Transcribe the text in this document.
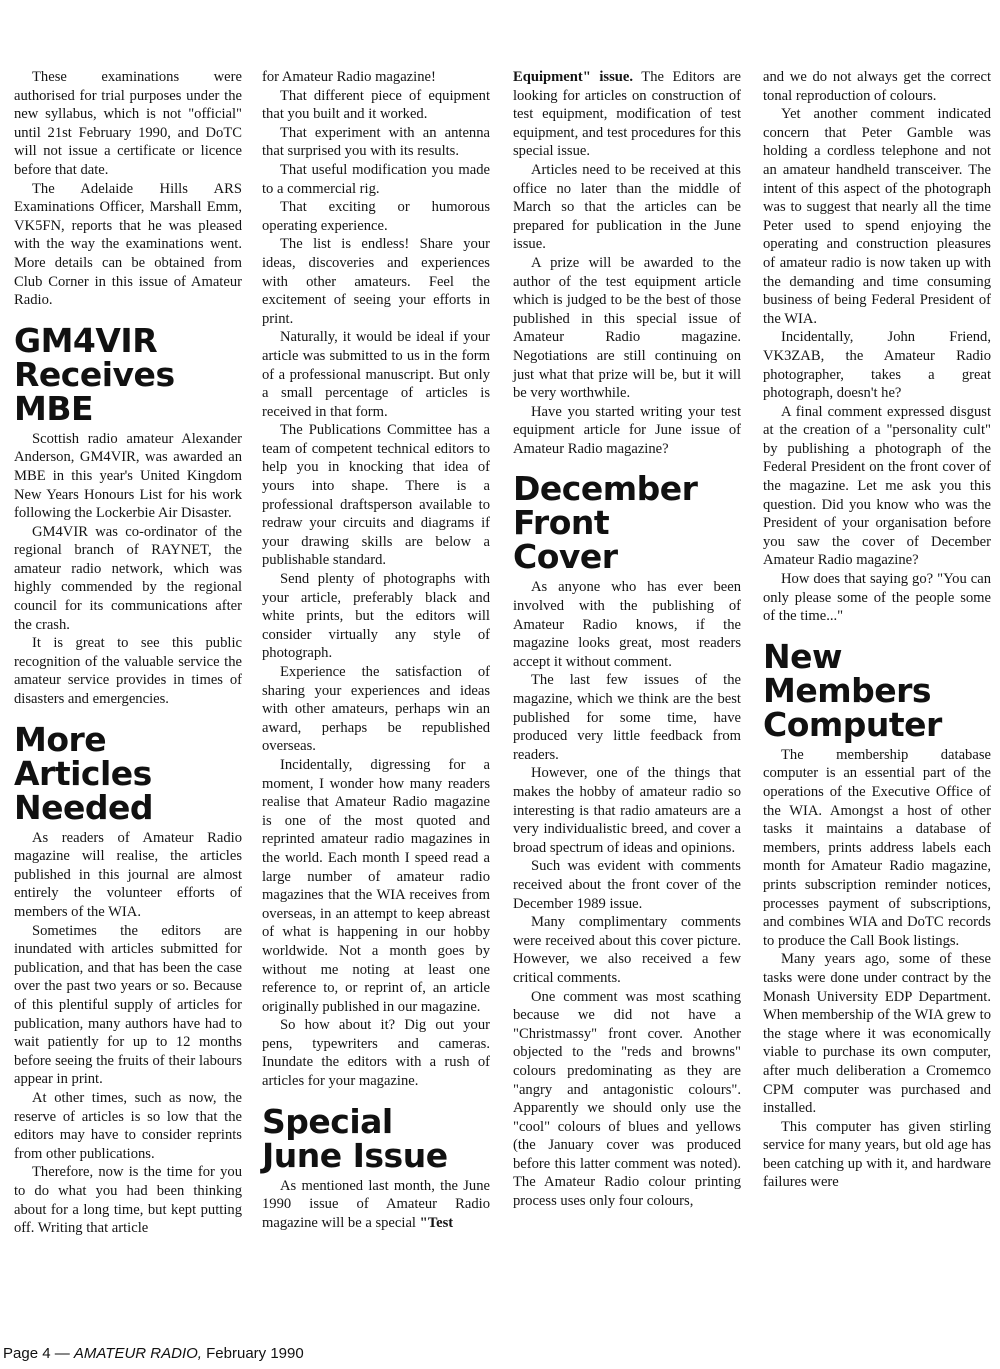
These examinations were authorised for trial purposes under the new syllabus, which is not "official" until 21st February 1990, and DoTC will not issue a certificate or licence before that date.

The Adelaide Hills ARS Examinations Officer, Marshall Emm, VK5FN, reports that he was pleased with the way the examinations went. More details can be obtained from Club Corner in this issue of Amateur Radio.

GM4VIR
Receives
MBE

Scottish radio amateur Alexander Anderson, GM4VIR, was awarded an MBE in this year's United Kingdom New Years Honours List for his work following the Lockerbie Air Disaster.

GM4VIR was co-ordinator of the regional branch of RAYNET, the amateur radio network, which was highly commended by the regional council for its communications after the crash.

It is great to see this public recognition of the valuable service the amateur service provides in times of disasters and emergencies.

More
Articles
Needed

As readers of Amateur Radio magazine will realise, the articles published in this journal are almost entirely the volunteer efforts of members of the WIA.

Sometimes the editors are inundated with articles submitted for publication, and that has been the case over the past two years or so. Because of this plentiful supply of articles for publication, many authors have had to wait patiently for up to 12 months before seeing the fruits of their labours appear in print.

At other times, such as now, the reserve of articles is so low that the editors may have to consider reprints from other publications.

Therefore, now is the time for you to do what you had been thinking about for a long time, but kept putting off. Writing that article

for Amateur Radio magazine!

That different piece of equipment that you built and it worked.

That experiment with an antenna that surprised you with its results.

That useful modification you made to a commercial rig.

That exciting or humorous operating experience.

The list is endless! Share your ideas, discoveries and experiences with other amateurs. Feel the excitement of seeing your efforts in print.

Naturally, it would be ideal if your article was submitted to us in the form of a professional manuscript. But only a small percentage of articles is received in that form.

The Publications Committee has a team of competent technical editors to help you in knocking that idea of yours into shape. There is a professional draftsperson available to redraw your circuits and diagrams if your drawing skills are below a publishable standard.

Send plenty of photographs with your article, preferably black and white prints, but the editors will consider virtually any style of photograph.

Experience the satisfaction of sharing your experiences and ideas with other amateurs, perhaps win an award, perhaps be republished overseas.

Incidentally, digressing for a moment, I wonder how many readers realise that Amateur Radio magazine is one of the most quoted and reprinted amateur radio magazines in the world. Each month I speed read a large number of amateur radio magazines that the WIA receives from overseas, in an attempt to keep abreast of what is happening in our hobby worldwide. Not a month goes by without me noting at least one reference to, or reprint of, an article originally published in our magazine.

So how about it? Dig out your pens, typewriters and cameras. Inundate the editors with a rush of articles for your magazine.

Special
June Issue

As mentioned last month, the June 1990 issue of Amateur Radio magazine will be a special "Test

Equipment" issue. The Editors are looking for articles on construction of test equipment, modification of test equipment, and test procedures for this special issue.

Articles need to be received at this office no later than the middle of March so that the articles can be prepared for publication in the June issue.

A prize will be awarded to the author of the test equipment article which is judged to be the best of those published in this special issue of Amateur Radio magazine. Negotiations are still continuing on just what that prize will be, but it will be very worthwhile.

Have you started writing your test equipment article for June issue of Amateur Radio magazine?

December
Front
Cover

As anyone who has ever been involved with the publishing of Amateur Radio knows, if the magazine looks great, most readers accept it without comment.

The last few issues of the magazine, which we think are the best published for some time, have produced very little feedback from readers.

However, one of the things that makes the hobby of amateur radio so interesting is that radio amateurs are a very individualistic breed, and cover a broad spectrum of ideas and opinions.

Such was evident with comments received about the front cover of the December 1989 issue.

Many complimentary comments were received about this cover picture. However, we also received a few critical comments.

One comment was most scathing because we did not have a "Christmassy" front cover. Another objected to the "reds and browns" colours predominating as they are "angry and antagonistic colours". Apparently we should only use the "cool" colours of blues and yellows (the January cover was produced before this latter comment was noted). The Amateur Radio colour printing process uses only four colours,

and we do not always get the correct tonal reproduction of colours.

Yet another comment indicated concern that Peter Gamble was holding a cordless telephone and not an amateur handheld transceiver. The intent of this aspect of the photograph was to suggest that nearly all the time Peter used to spend enjoying the operating and construction pleasures of amateur radio is now taken up with the demanding and time consuming business of being Federal President of the WIA.

Incidentally, John Friend, VK3ZAB, the Amateur Radio photographer, takes a great photograph, doesn't he?

A final comment expressed disgust at the creation of a "personality cult" by publishing a photograph of the Federal President on the front cover of the magazine. Let me ask you this question. Did you know who was the President of your organisation before you saw the cover of December Amateur Radio magazine?

How does that saying go? "You can only please some of the people some of the time..."

New
Members
Computer

The membership database computer is an essential part of the operations of the Executive Office of the WIA. Amongst a host of other tasks it maintains a database of members, prints address labels each month for Amateur Radio magazine, prints subscription reminder notices, processes payment of subscriptions, and combines WIA and DoTC records to produce the Call Book listings.

Many years ago, some of these tasks were done under contract by the Monash University EDP Department. When membership of the WIA grew to the stage where it was economically viable to purchase its own computer, after much deliberation a Cromemco CPM computer was purchased and installed.

This computer has given stirling service for many years, but old age has been catching up with it, and hardware failures were

Page 4 — AMATEUR RADIO, February 1990
